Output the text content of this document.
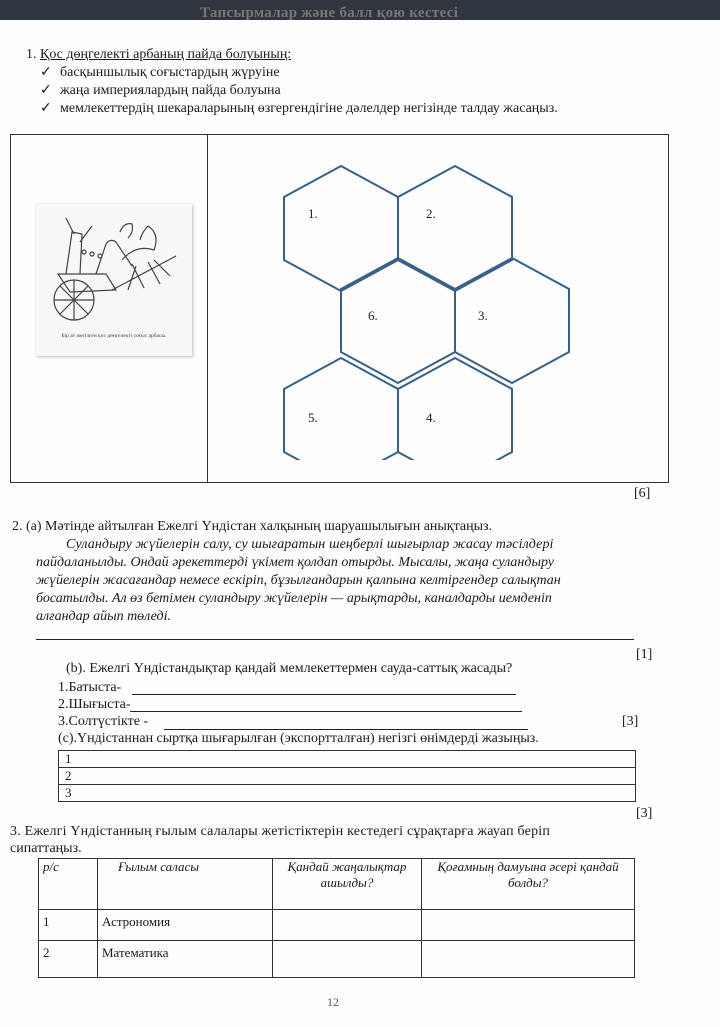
Тапсырмалар және балл қою кестесі
1. Қос дөңгелекті арбаның пайда болуының:
✓ басқыншылық соғыстардың жүруіне
✓ жаңа империялардың пайда болуына
✓ мемлекеттердің шекараларының өзгергендігіне дәлелдер негізінде талдау жасаңыз.
Бір ат жегілген қос дөңгелекті соғыс арбасы.
1.	2.
6.	3.
5.	4.
[6]
2. (а) Мәтінде айтылған Ежелгі Үндістан халқының шаруашылығын анықтаңыз.
Суландыру жүйелерін салу, су шығаратын шеңберлі шығырлар жасау тәсілдері
пайдаланылды. Ондай әрекеттерді үкімет қолдап отырды. Мысалы, жаңа суландыру
жүйелерін жасағандар немесе ескіріп, бұзылғандарын қалпына келтіргендер салықтан
босатылды. Ал өз бетімен суландыру жүйелерін — арықтарды, каналдарды иемденіп
алғандар айып төледі.
[1]
(b). Ежелгі Үндістандықтар қандай мемлекеттермен сауда-саттық жасады?
1.Батыста-
2.Шығыста-
3.Солтүстікте -	[3]
(c).Үндістаннан сыртқа шығарылған (экспортталған) негізгі өнімдерді жазыңыз.
1
2
3
[3]
3. Ежелгі Үндістанның ғылым салалары жетістіктерін кестедегі сұрақтарға жауап беріп
сипаттаңыз.
р/с	Ғылым саласы	Қандай жаңалықтар ашылды?	Қоғамның дамуына әсері қандай болды?
1	Астрономия		
2	Математика		
12
